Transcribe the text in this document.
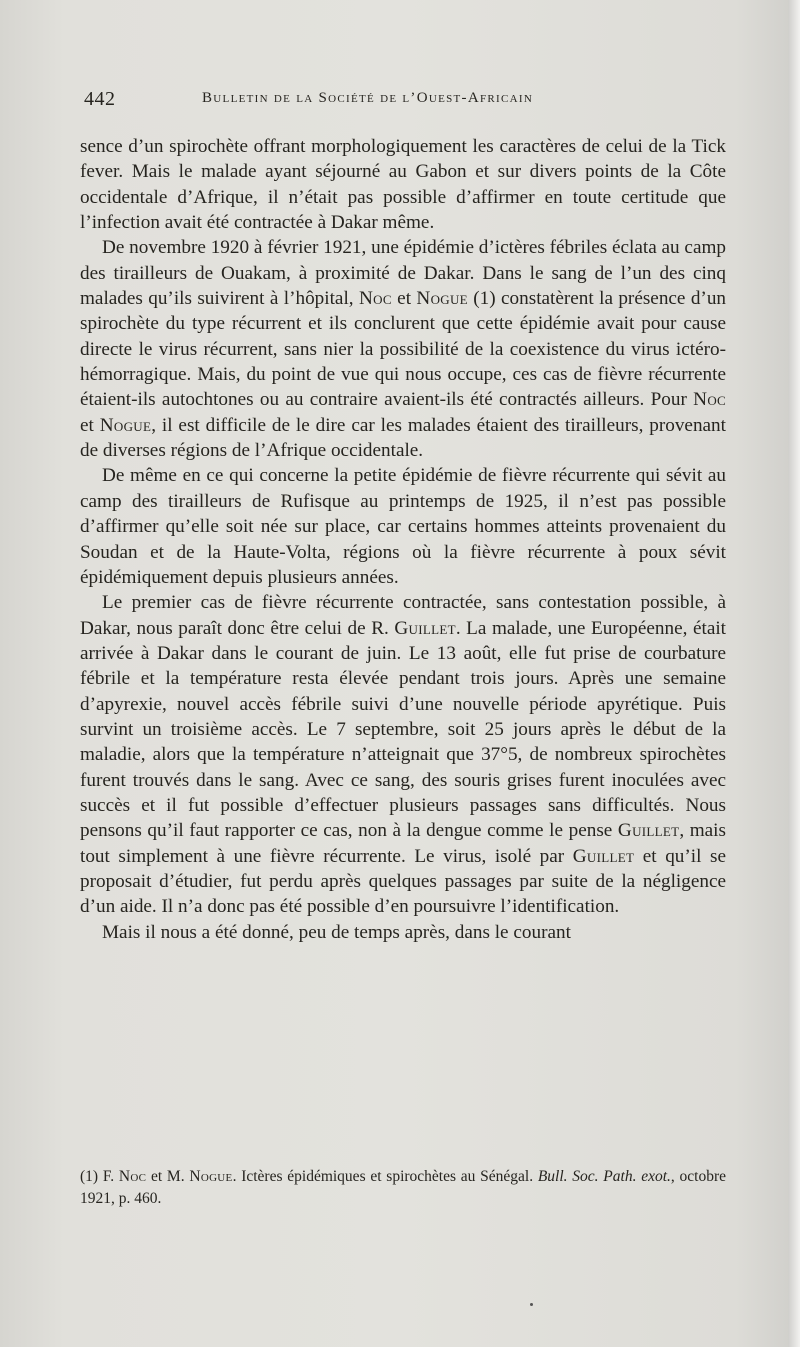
442	Bulletin de la Société de l’Ouest-Africain

sence d’un spirochète offrant morphologiquement les caractères de celui de la Tick fever. Mais le malade ayant séjourné au Gabon et sur divers points de la Côte occidentale d’Afrique, il n’était pas possible d’affirmer en toute certitude que l’infection avait été contractée à Dakar même.

De novembre 1920 à février 1921, une épidémie d’ictères fébriles éclata au camp des tirailleurs de Ouakam, à proximité de Dakar. Dans le sang de l’un des cinq malades qu’ils suivirent à l’hôpital, Noc et Nogue (1) constatèrent la présence d’un spirochète du type récurrent et ils conclurent que cette épidémie avait pour cause directe le virus récurrent, sans nier la possibilité de la coexistence du virus ictéro-hémorragique. Mais, du point de vue qui nous occupe, ces cas de fièvre récurrente étaient-ils autochtones ou au contraire avaient-ils été contractés ailleurs. Pour Noc et Nogue, il est difficile de le dire car les malades étaient des tirailleurs, provenant de diverses régions de l’Afrique occidentale.

De même en ce qui concerne la petite épidémie de fièvre récurrente qui sévit au camp des tirailleurs de Rufisque au printemps de 1925, il n’est pas possible d’affirmer qu’elle soit née sur place, car certains hommes atteints provenaient du Soudan et de la Haute-Volta, régions où la fièvre récurrente à poux sévit épidémiquement depuis plusieurs années.

Le premier cas de fièvre récurrente contractée, sans contestation possible, à Dakar, nous paraît donc être celui de R. Guillet. La malade, une Européenne, était arrivée à Dakar dans le courant de juin. Le 13 août, elle fut prise de courbature fébrile et la température resta élevée pendant trois jours. Après une semaine d’apyrexie, nouvel accès fébrile suivi d’une nouvelle période apyrétique. Puis survint un troisième accès. Le 7 septembre, soit 25 jours après le début de la maladie, alors que la température n’atteignait que 37°5, de nombreux spirochètes furent trouvés dans le sang. Avec ce sang, des souris grises furent inoculées avec succès et il fut possible d’effectuer plusieurs passages sans difficultés. Nous pensons qu’il faut rapporter ce cas, non à la dengue comme le pense Guillet, mais tout simplement à une fièvre récurrente. Le virus, isolé par Guillet et qu’il se proposait d’étudier, fut perdu après quelques passages par suite de la négligence d’un aide. Il n’a donc pas été possible d’en poursuivre l’identification.

Mais il nous a été donné, peu de temps après, dans le courant

(1) F. Noc et M. Nogue. Ictères épidémiques et spirochètes au Sénégal. Bull. Soc. Path. exot., octobre 1921, p. 460.
